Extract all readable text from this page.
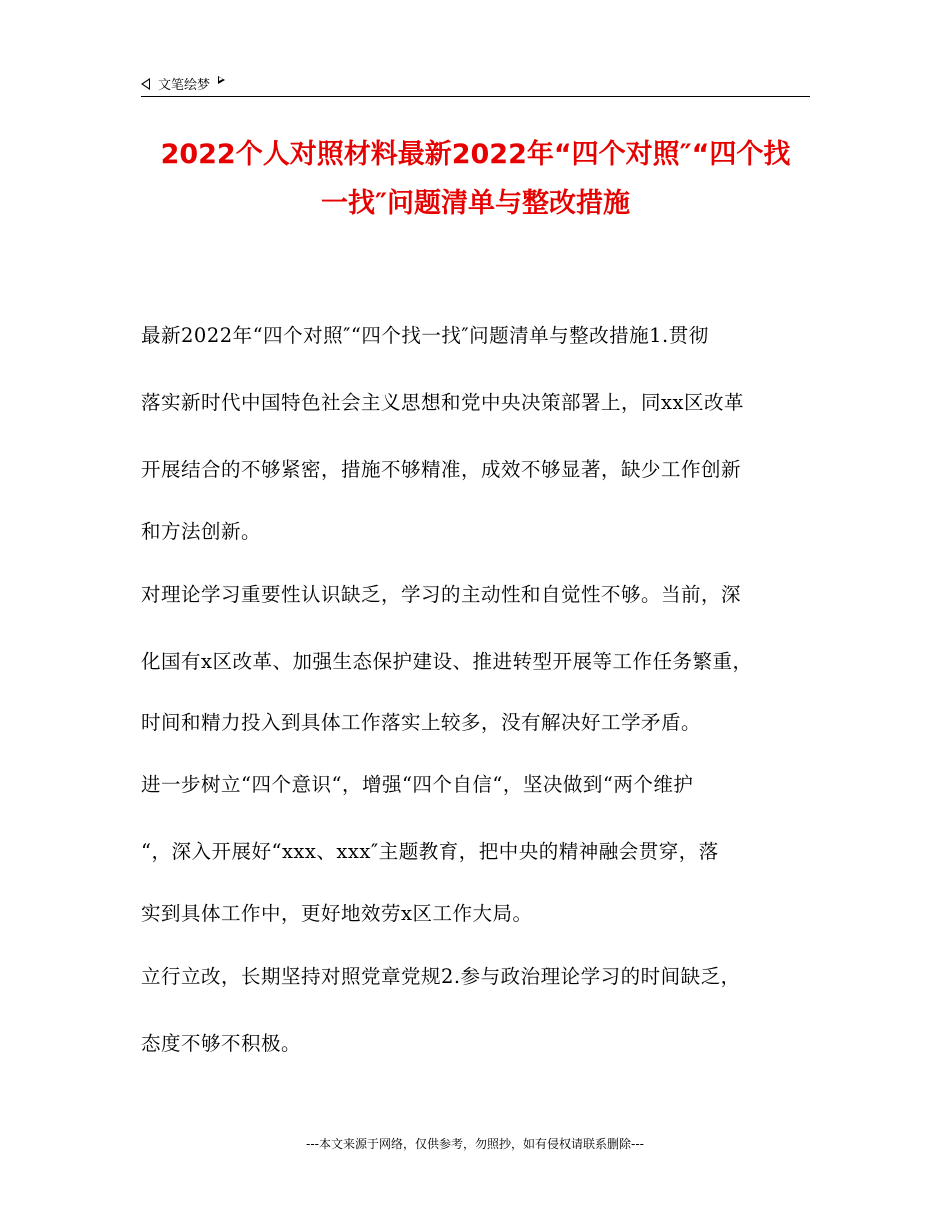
文笔绘梦
2022个人对照材料最新2022年“四个对照″“四个找
一找″问题清单与整改措施

最新2022年“四个对照″“四个找一找″问题清单与整改措施1.贯彻
落实新时代中国特色社会主义思想和党中央决策部署上，同xx区改革
开展结合的不够紧密，措施不够精准，成效不够显著，缺少工作创新
和方法创新。

对理论学习重要性认识缺乏，学习的主动性和自觉性不够。当前，深
化国有x区改革、加强生态保护建设、推进转型开展等工作任务繁重，
时间和精力投入到具体工作落实上较多，没有解决好工学矛盾。

进一步树立“四个意识“，增强“四个自信“，坚决做到“两个维护
“，深入开展好“xxx、xxx″主题教育，把中央的精神融会贯穿，落
实到具体工作中，更好地效劳x区工作大局。

立行立改，长期坚持对照党章党规2.参与政治理论学习的时间缺乏，
态度不够不积极。

---本文来源于网络，仅供参考，勿照抄，如有侵权请联系删除---
